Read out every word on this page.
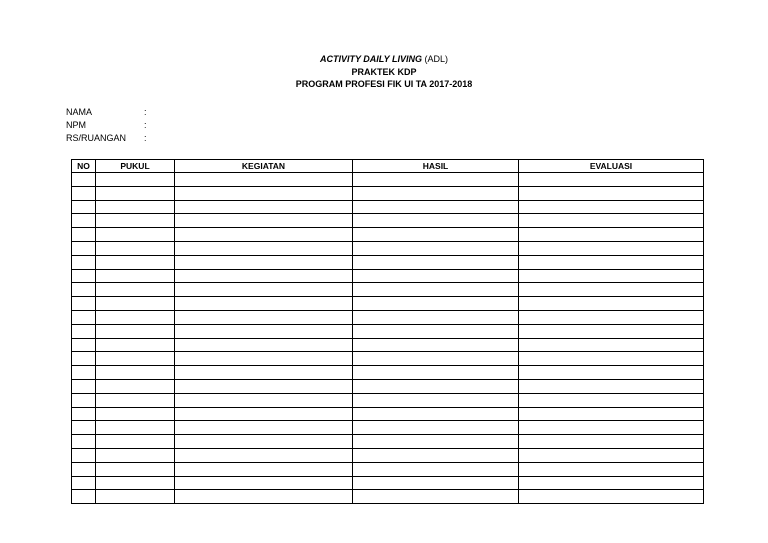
ACTIVITY DAILY LIVING (ADL)
PRAKTEK KDP
PROGRAM PROFESI FIK UI TA 2017-2018
NAMA	:
NPM	:
RS/RUANGAN	:
NO	PUKUL	KEGIATAN	HASIL	EVALUASI
